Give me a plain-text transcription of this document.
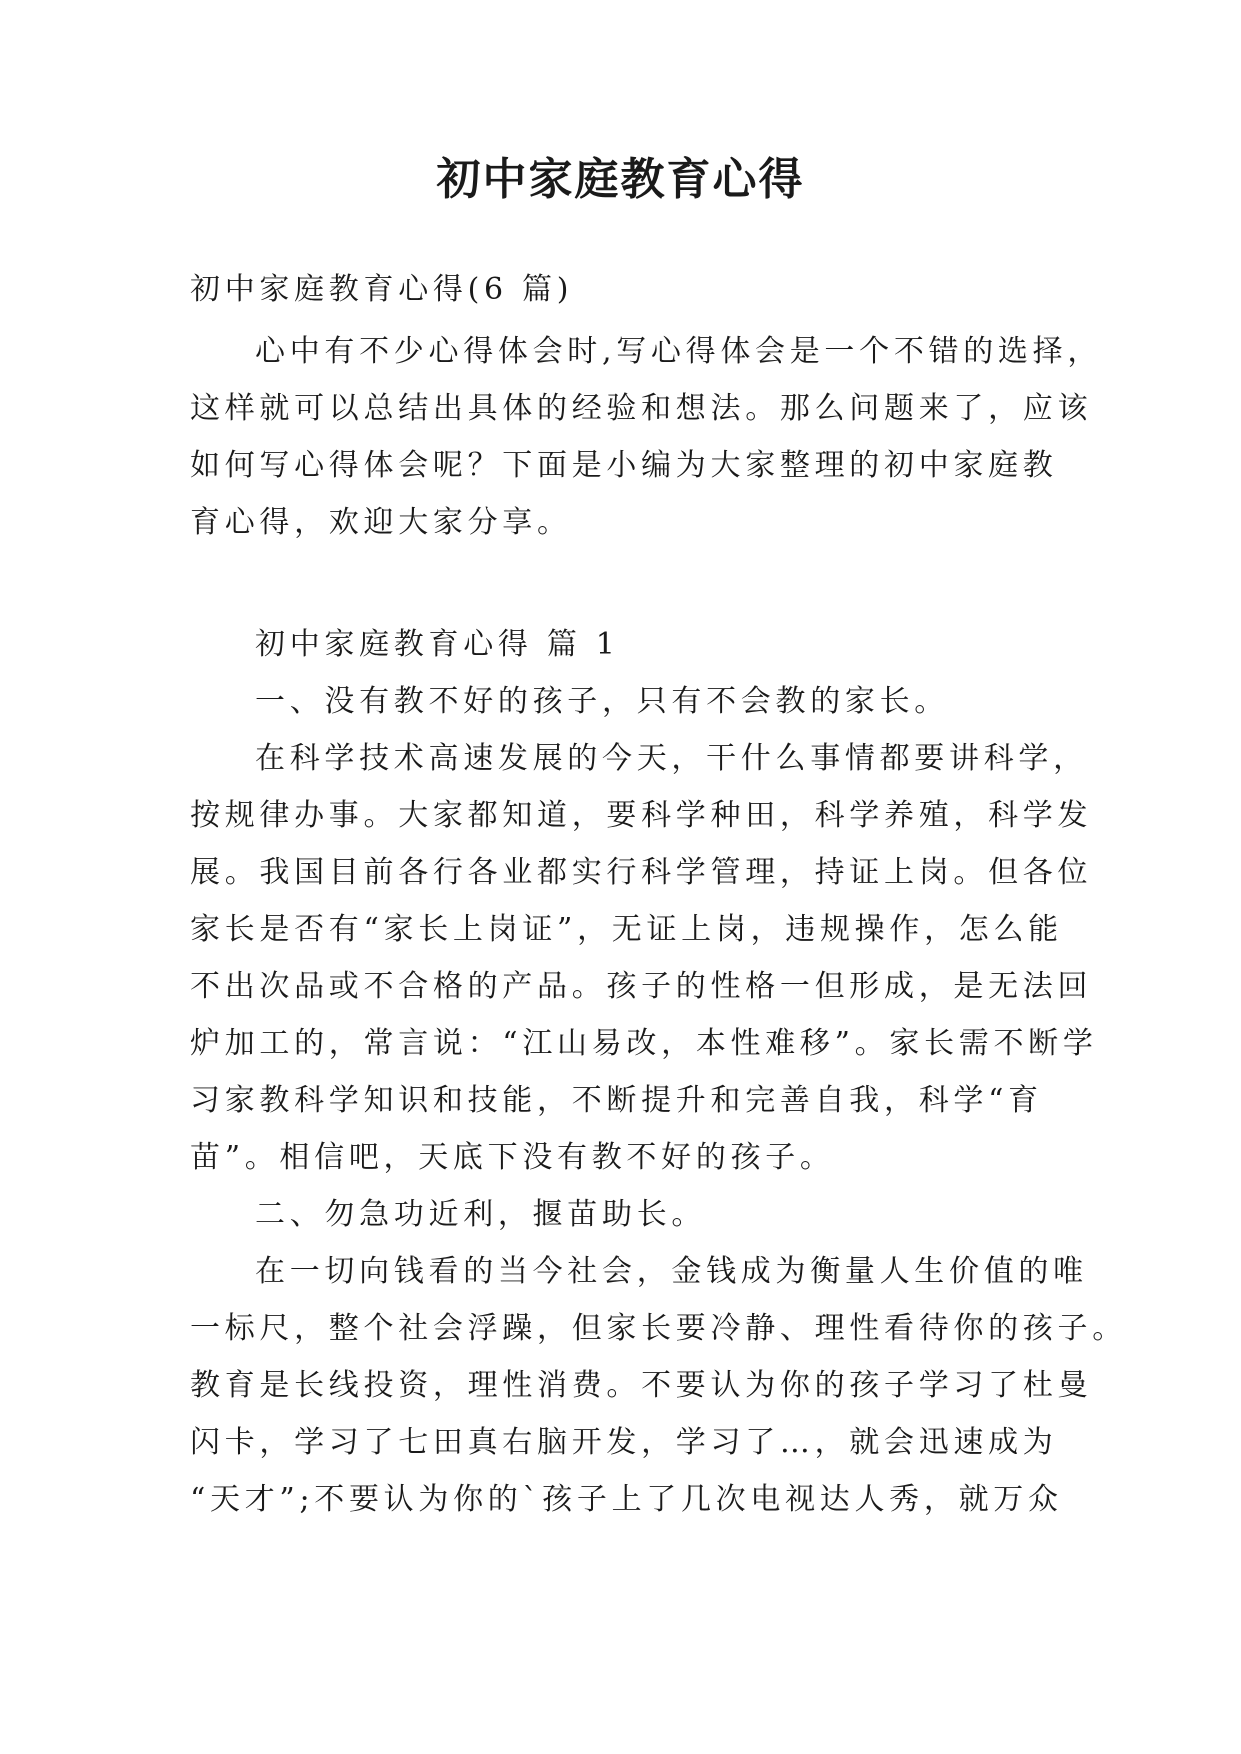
初中家庭教育心得
初中家庭教育心得(6 篇)
心中有不少心得体会时,写心得体会是一个不错的选择，
这样就可以总结出具体的经验和想法。那么问题来了，应该
如何写心得体会呢？下面是小编为大家整理的初中家庭教
育心得，欢迎大家分享。
初中家庭教育心得 篇 1
一、没有教不好的孩子，只有不会教的家长。
在科学技术高速发展的今天，干什么事情都要讲科学，
按规律办事。大家都知道，要科学种田，科学养殖，科学发
展。我国目前各行各业都实行科学管理，持证上岗。但各位
家长是否有“家长上岗证”，无证上岗，违规操作，怎么能
不出次品或不合格的产品。孩子的性格一但形成，是无法回
炉加工的，常言说：“江山易改，本性难移”。家长需不断学
习家教科学知识和技能，不断提升和完善自我，科学“育
苗”。相信吧，天底下没有教不好的孩子。
二、勿急功近利，揠苗助长。
在一切向钱看的当今社会，金钱成为衡量人生价值的唯
一标尺，整个社会浮躁，但家长要冷静、理性看待你的孩子。
教育是长线投资，理性消费。不要认为你的孩子学习了杜曼
闪卡，学习了七田真右脑开发，学习了…，就会迅速成为
“天才”;不要认为你的`孩子上了几次电视达人秀，就万众
